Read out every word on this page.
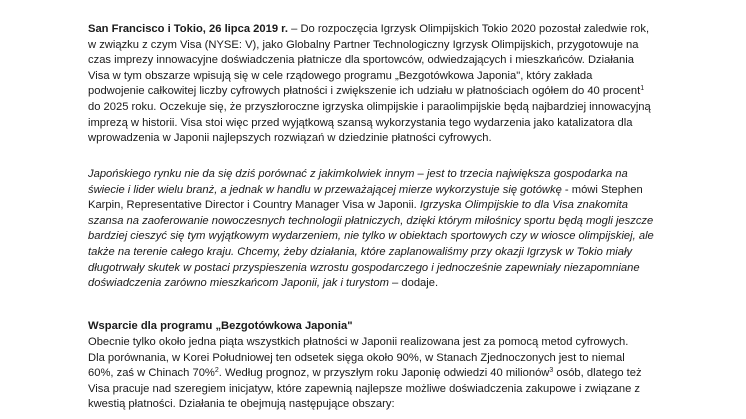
San Francisco i Tokio, 26 lipca 2019 r. – Do rozpoczęcia Igrzysk Olimpijskich Tokio 2020 pozostał zaledwie rok,
w związku z czym Visa (NYSE: V), jako Globalny Partner Technologiczny Igrzysk Olimpijskich, przygotowuje na
czas imprezy innowacyjne doświadczenia płatnicze dla sportowców, odwiedzających i mieszkańców. Działania
Visa w tym obszarze wpisują się w cele rządowego programu „Bezgotówkowa Japonia", który zakłada
podwojenie całkowitej liczby cyfrowych płatności i zwiększenie ich udziału w płatnościach ogółem do 40 procent$^1$
do 2025 roku. Oczekuje się, że przyszłoroczne igrzyska olimpijskie i paraolimpijskie będą najbardziej innowacyjną
imprezą w historii. Visa stoi więc przed wyjątkową szansą wykorzystania tego wydarzenia jako katalizatora dla
wprowadzenia w Japonii najlepszych rozwiązań w dziedzinie płatności cyfrowych.
Japońskiego rynku nie da się dziś porównać z jakimkolwiek innym – jest to trzecia największa gospodarka na
świecie i lider wielu branż, a jednak w handlu w przeważającej mierze wykorzystuje się gotówkę - mówi Stephen
Karpin, Representative Director i Country Manager Visa w Japonii. Igrzyska Olimpijskie to dla Visa znakomita
szansa na zaoferowanie nowoczesnych technologii płatniczych, dzięki którym miłośnicy sportu będą mogli jeszcze
bardziej cieszyć się tym wyjątkowym wydarzeniem, nie tylko w obiektach sportowych czy w wiosce olimpijskiej, ale
także na terenie całego kraju. Chcemy, żeby działania, które zaplanowaliśmy przy okazji Igrzysk w Tokio miały
długotrwały skutek w postaci przyspieszenia wzrostu gospodarczego i jednocześnie zapewniały niezapomniane
doświadczenia zarówno mieszkańcom Japonii, jak i turystom – dodaje.
Wsparcie dla programu „Bezgotówkowa Japonia"
Obecnie tylko około jedna piąta wszystkich płatności w Japonii realizowana jest za pomocą metod cyfrowych.
Dla porównania, w Korei Południowej ten odsetek sięga około 90%, w Stanach Zjednoczonych jest to niemal
60%, zaś w Chinach 70%$^2$. Według prognoz, w przyszłym roku Japonię odwiedzi 40 milionów$^3$ osób, dlatego też
Visa pracuje nad szeregiem inicjatyw, które zapewnią najlepsze możliwe doświadczenia zakupowe i związane z
kwestią płatności. Działania te obejmują następujące obszary:
